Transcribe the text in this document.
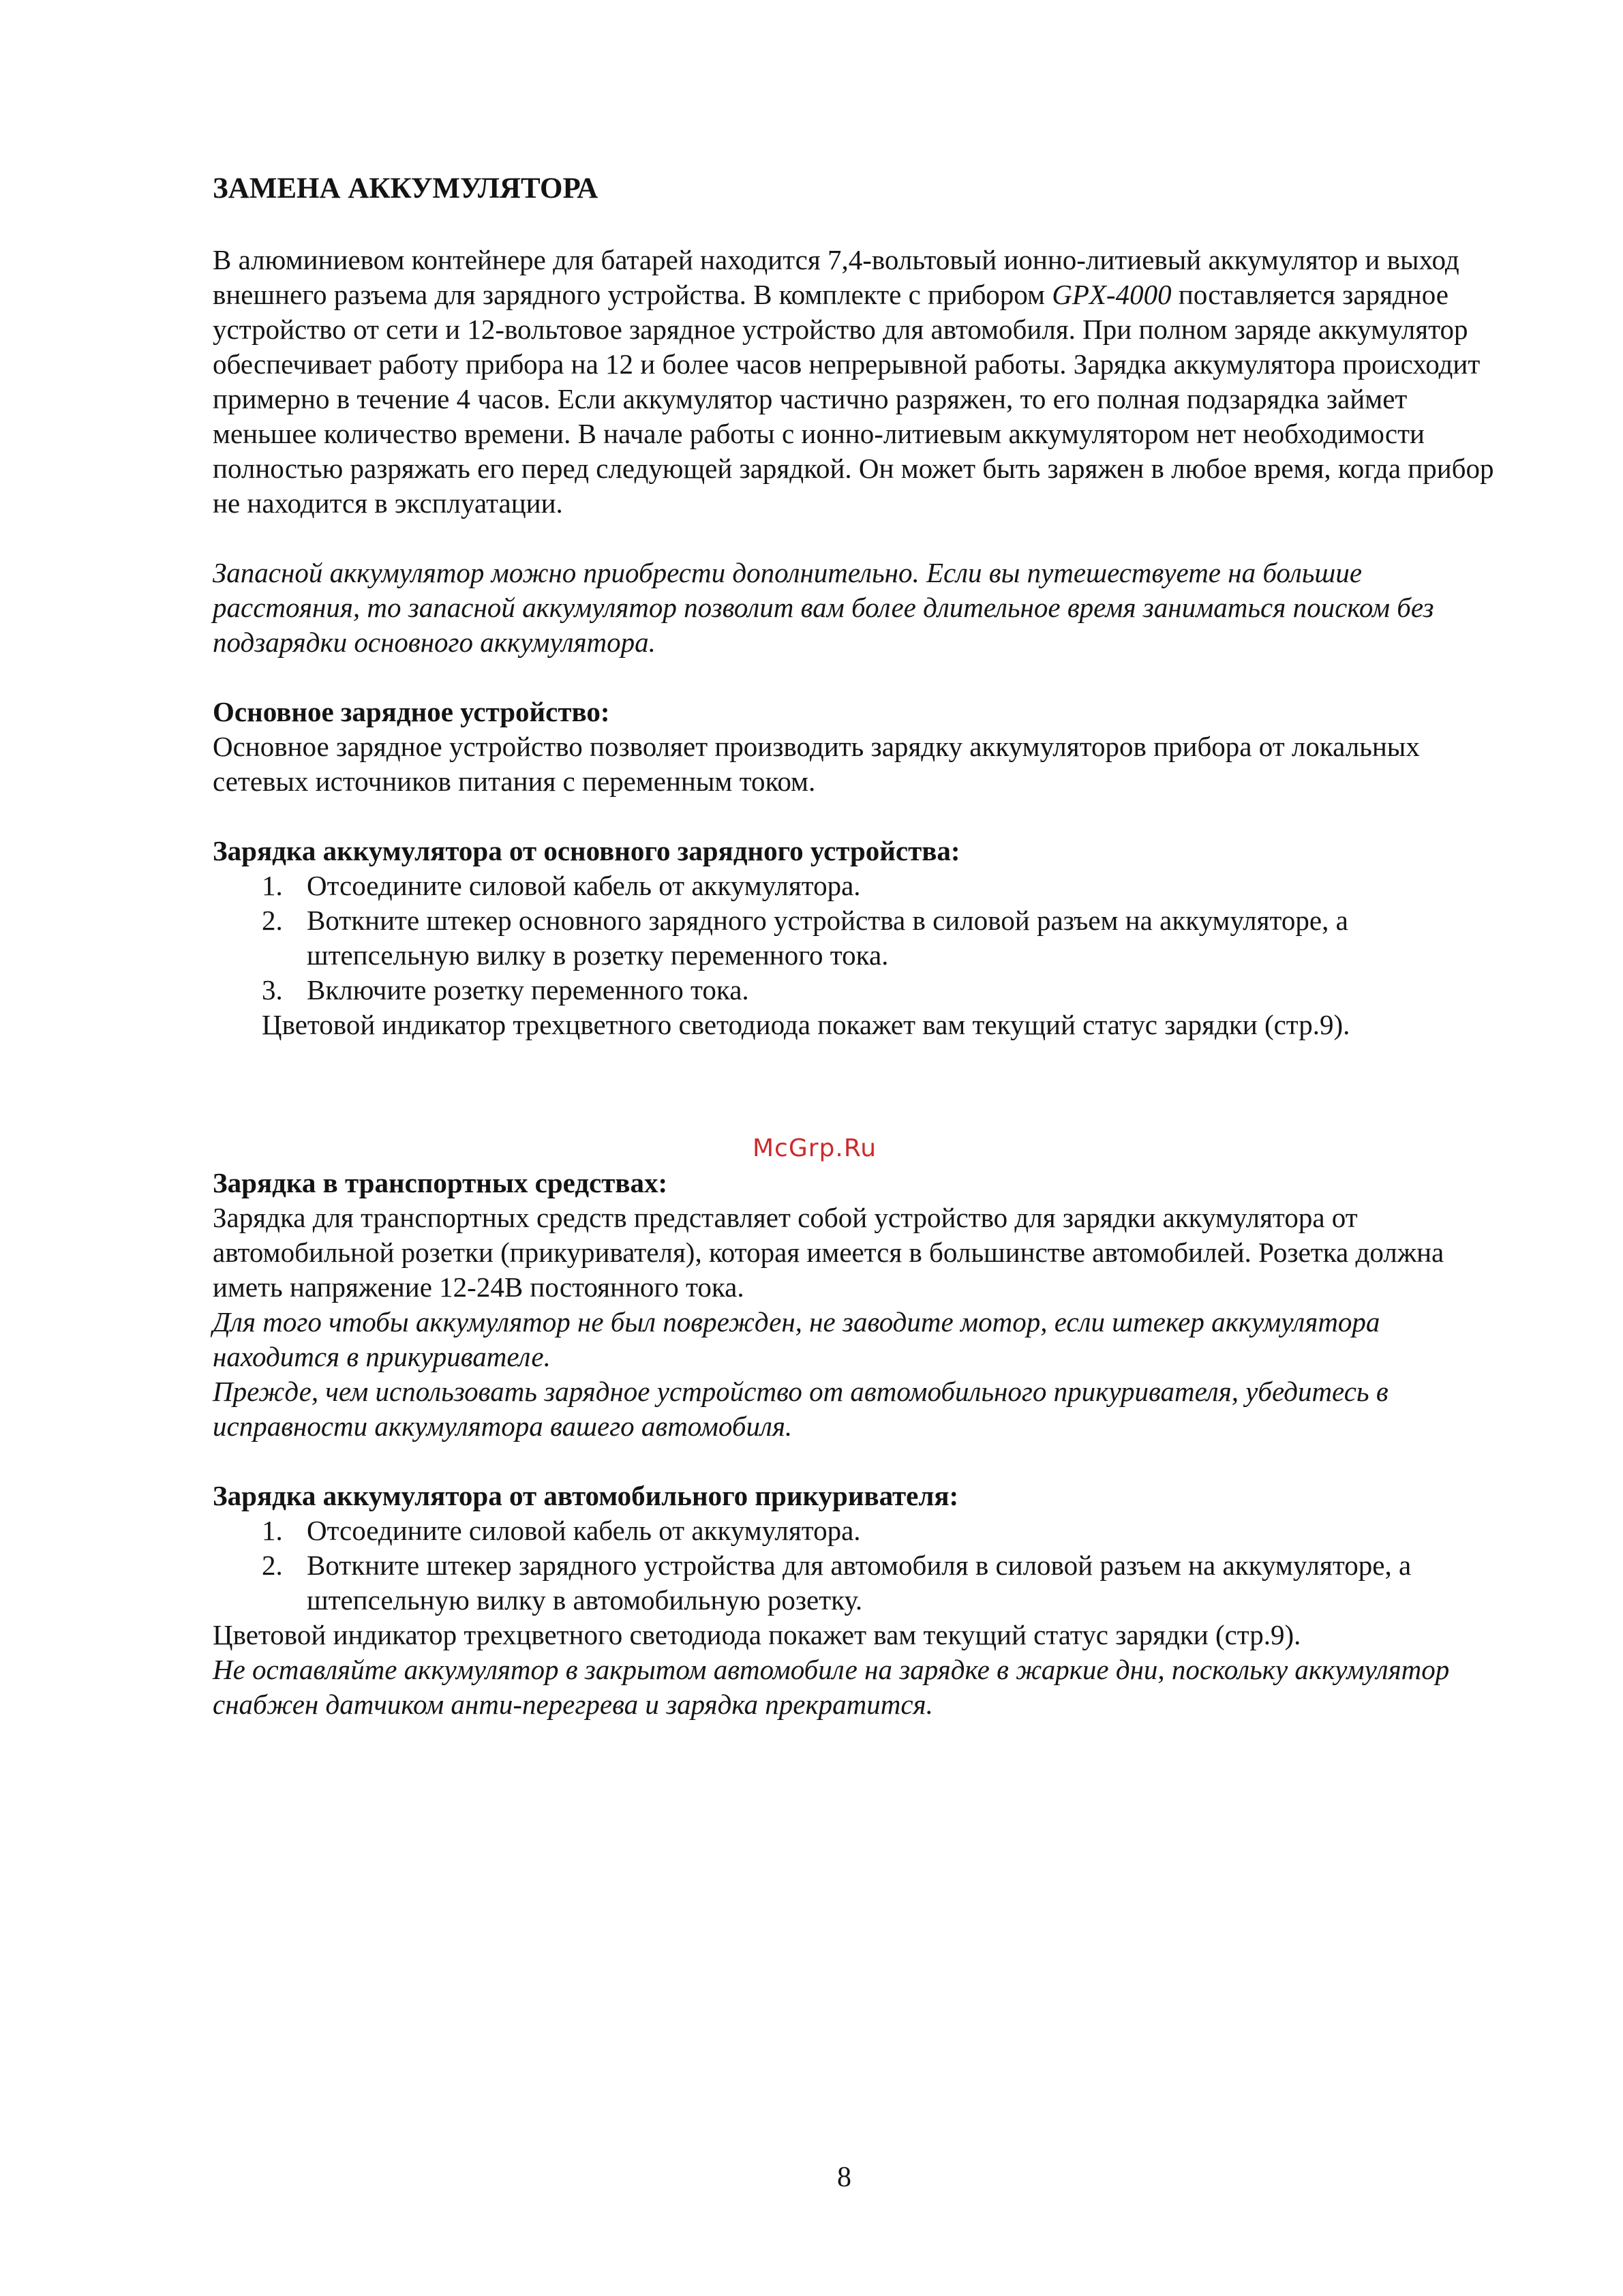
ЗАМЕНА АККУМУЛЯТОРА

В алюминиевом контейнере для батарей находится 7,4-вольтовый ионно-литиевый аккумулятор и выход внешнего разъема для зарядного устройства. В комплекте с прибором GPX-4000 поставляется зарядное устройство от сети и 12-вольтовое зарядное устройство для автомобиля. При полном заряде аккумулятор обеспечивает работу прибора на 12 и более часов непрерывной работы. Зарядка аккумулятора происходит примерно в течение 4 часов. Если аккумулятор частично разряжен, то его полная подзарядка займет меньшее количество времени. В начале работы с ионно-литиевым аккумулятором нет необходимости полностью разряжать его перед следующей зарядкой. Он может быть заряжен в любое время, когда прибор не находится в эксплуатации.

Запасной аккумулятор можно приобрести дополнительно. Если вы путешествуете на большие расстояния, то запасной аккумулятор позволит вам более длительное время заниматься поиском без подзарядки основного аккумулятора.

Основное зарядное устройство:

Основное зарядное устройство позволяет производить зарядку аккумуляторов прибора от локальных сетевых источников питания с переменным током.

Зарядка аккумулятора от основного зарядного устройства:

1. Отсоедините силовой кабель от аккумулятора.
2. Воткните штекер основного зарядного устройства в силовой разъем на аккумуляторе, а штепсельную вилку в розетку переменного тока.
3. Включите розетку переменного тока.

Цветовой индикатор трехцветного светодиода покажет вам текущий статус зарядки (стр.9).

McGrp.Ru

Зарядка в транспортных средствах:

Зарядка для транспортных средств представляет собой устройство для зарядки аккумулятора от автомобильной розетки (прикуривателя), которая имеется в большинстве автомобилей. Розетка должна иметь напряжение 12-24В постоянного тока.

Для того чтобы аккумулятор не был поврежден, не заводите мотор, если штекер аккумулятора находится в прикуривателе.

Прежде, чем использовать зарядное устройство от автомобильного прикуривателя, убедитесь в исправности аккумулятора вашего автомобиля.

Зарядка аккумулятора от автомобильного прикуривателя:

1. Отсоедините силовой кабель от аккумулятора.
2. Воткните штекер зарядного устройства для автомобиля в силовой разъем на аккумуляторе, а штепсельную вилку в автомобильную розетку.

Цветовой индикатор трехцветного светодиода покажет вам текущий статус зарядки (стр.9).

Не оставляйте аккумулятор в закрытом автомобиле на зарядке в жаркие дни, поскольку аккумулятор снабжен датчиком анти-перегрева и зарядка прекратится.

8
